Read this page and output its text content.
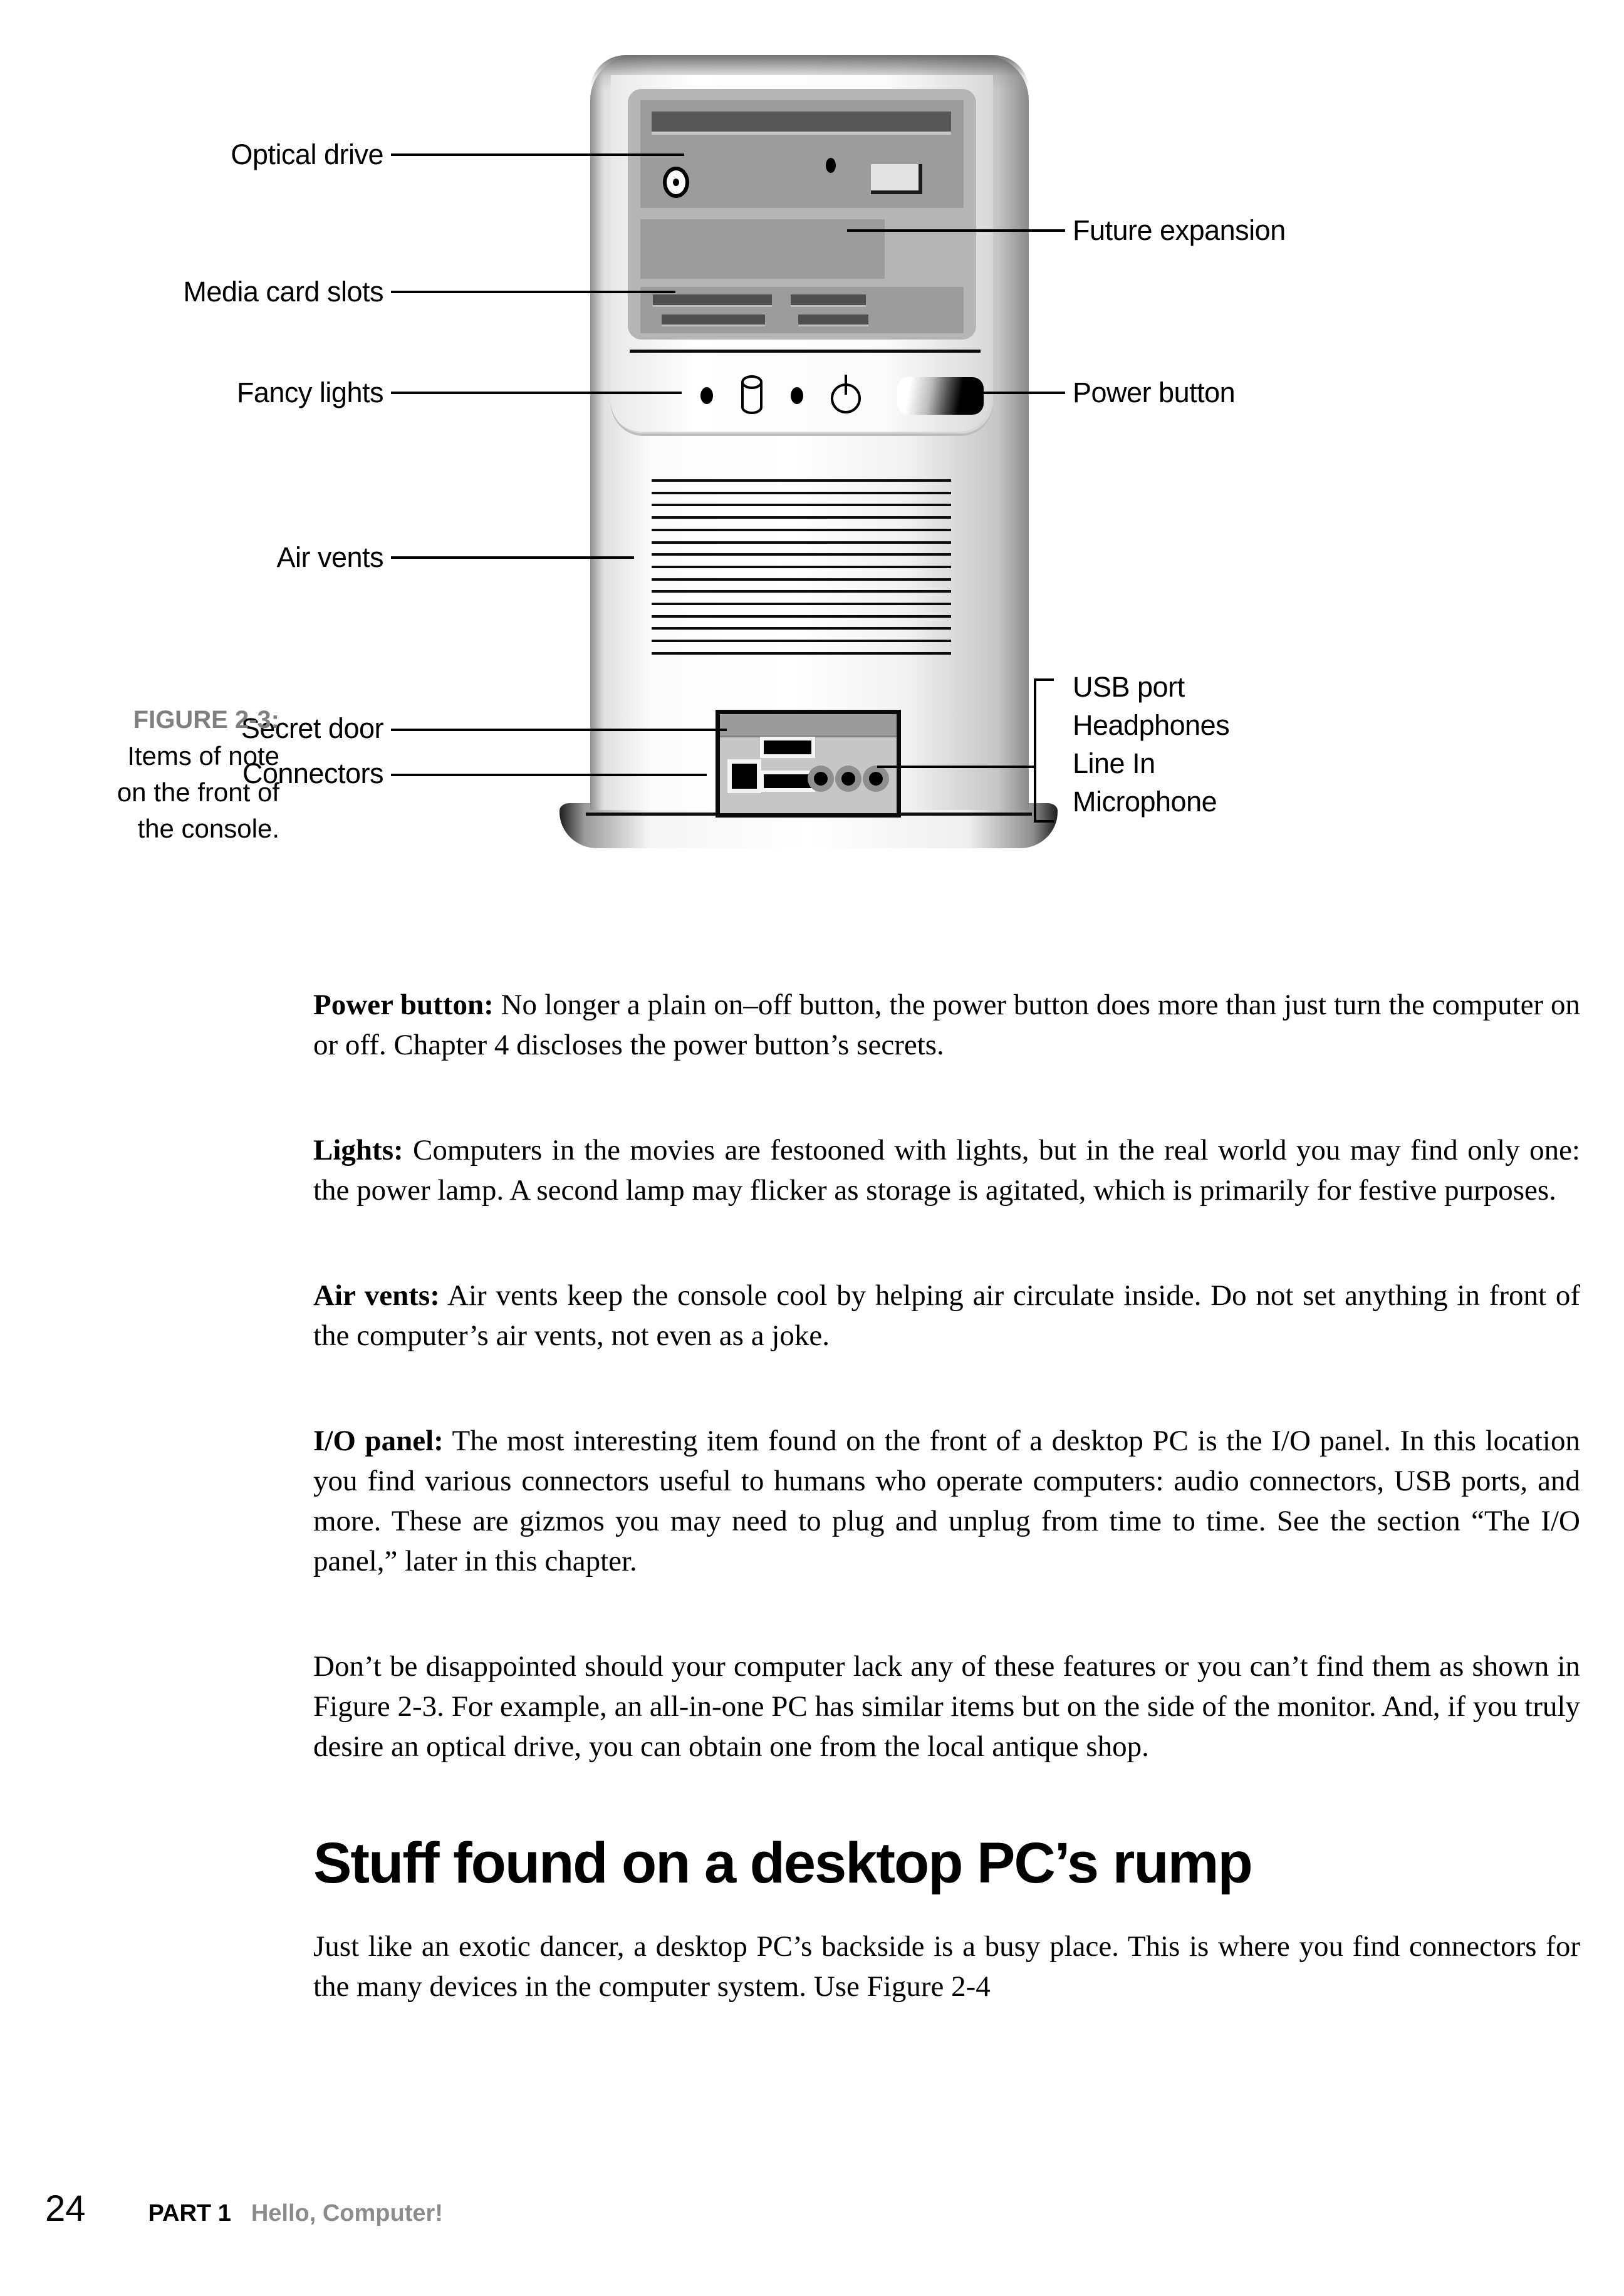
Optical drive
Media card slots
Fancy lights
Air vents
Secret door
Connectors
Future expansion
Power button
USB port
Headphones
Line In
Microphone
FIGURE 2-3:
Items of note
on the front of
the console.

Power button: No longer a plain on–off button, the power button does more than just turn the computer on or off. Chapter 4 discloses the power button’s secrets.

Lights: Computers in the movies are festooned with lights, but in the real world you may find only one: the power lamp. A second lamp may flicker as storage is agitated, which is primarily for festive purposes.

Air vents: Air vents keep the console cool by helping air circulate inside. Do not set anything in front of the computer’s air vents, not even as a joke.

I/O panel: The most interesting item found on the front of a desktop PC is the I/O panel. In this location you find various connectors useful to humans who operate computers: audio connectors, USB ports, and more. These are gizmos you may need to plug and unplug from time to time. See the section “The I/O panel,” later in this chapter.

Don’t be disappointed should your computer lack any of these features or you can’t find them as shown in Figure 2-3. For example, an all-in-one PC has similar items but on the side of the monitor. And, if you truly desire an optical drive, you can obtain one from the local antique shop.

Stuff found on a desktop PC’s rump

Just like an exotic dancer, a desktop PC’s backside is a busy place. This is where you find connectors for the many devices in the computer system. Use Figure 2-4

24	PART 1 Hello, Computer!
